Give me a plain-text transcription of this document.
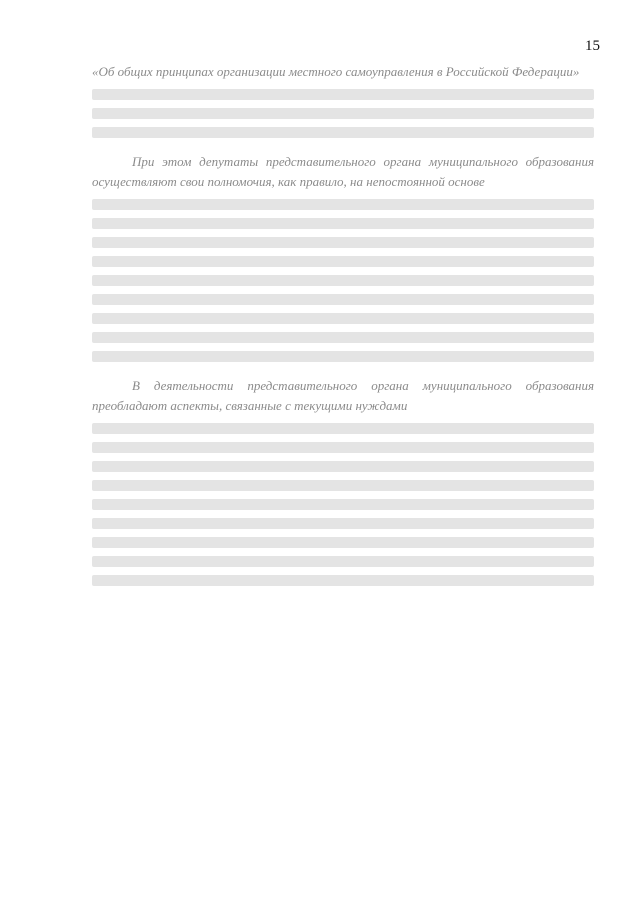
15
«Об общих принципах организации местного самоуправления в Российской Федерации»
При этом депутаты представительного органа муниципального образования осуществляют свои полномочия, как правило, на непостоянной основе
В деятельности представительного органа муниципального образования преобладают аспекты, связанные с текущими нуждами
